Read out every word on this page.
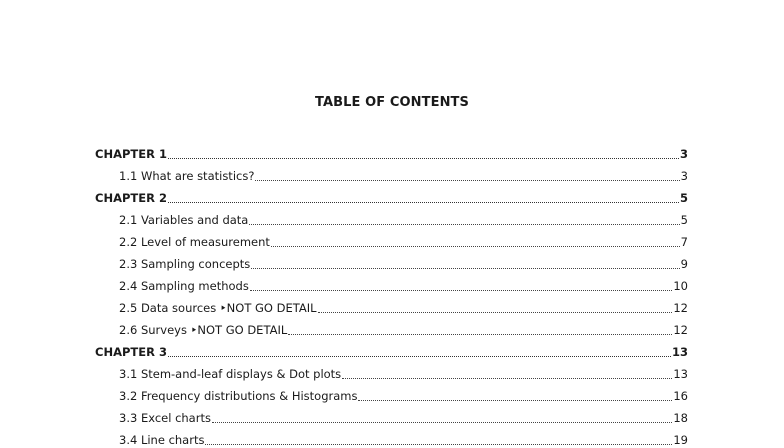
TABLE OF CONTENTS
CHAPTER 1	3
1.1 What are statistics?	3
CHAPTER 2	5
2.1 Variables and data	5
2.2 Level of measurement	7
2.3 Sampling concepts	9
2.4 Sampling methods	10
2.5 Data sources ‣NOT GO DETAIL	12
2.6 Surveys ‣NOT GO DETAIL	12
CHAPTER 3	13
3.1 Stem-and-leaf displays & Dot plots	13
3.2 Frequency distributions & Histograms	16
3.3 Excel charts	18
3.4 Line charts	19
